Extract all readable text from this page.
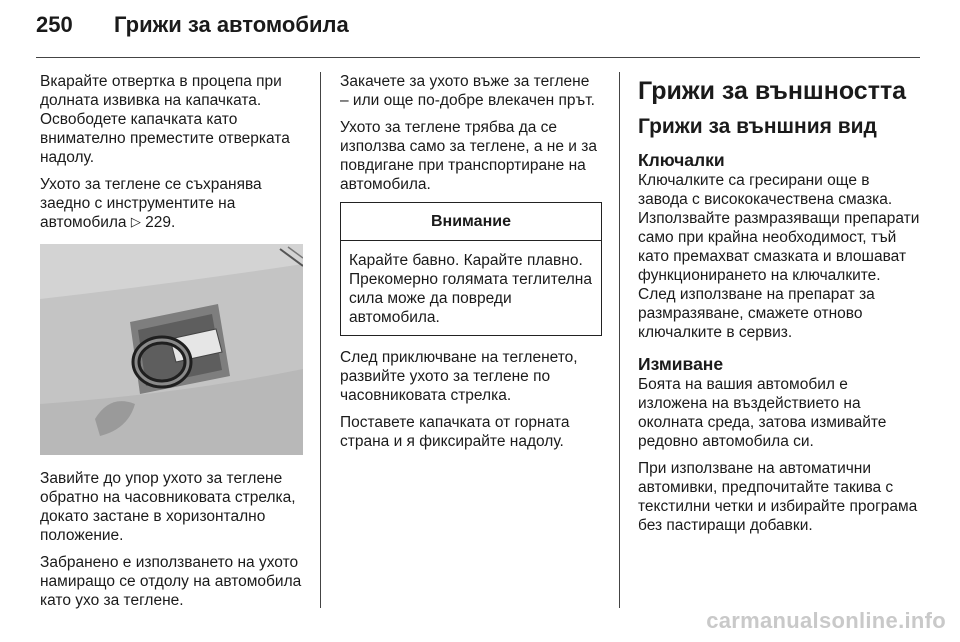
250	Грижи за автомобила

Вкарайте отвертка в процепа при долната извивка на капачката. Освободете капачката като внимателно преместите отверката надолу.

Ухото за теглене се съхранява заедно с инструментите на автомобила ▷ 229.

Завийте до упор ухото за теглене обратно на часовниковата стрелка, докато застане в хоризонтално положение.

Забранено е използването на ухото намиращо се отдолу на автомобила като ухо за теглене.

Закачете за ухото въже за теглене – или още по-добре влекачен прът.

Ухото за теглене трябва да се използва само за теглене, а не и за повдигане при транспортиране на автомобила.

Внимание
Карайте бавно. Карайте плавно. Прекомерно голямата теглителна сила може да повреди автомобила.

След приключване на тегленето, развийте ухото за теглене по часовниковата стрелка.

Поставете капачката от горната страна и я фиксирайте надолу.

Грижи за външността
Грижи за външния вид
Ключалки
Ключалките са гресирани още в завода с висококачествена смазка. Използвайте размразяващи препарати само при крайна необходимост, тъй като премахват смазката и влошават функционирането на ключалките. След използване на препарат за размразяване, смажете отново ключалките в сервиз.
Измиване

Боята на вашия автомобил е изложена на въздействието на околната среда, затова измивайте редовно автомобила си.

При използване на автоматични автомивки, предпочитайте такива с текстилни четки и избирайте програма без пастиращи добавки.

carmanualsonline.info
